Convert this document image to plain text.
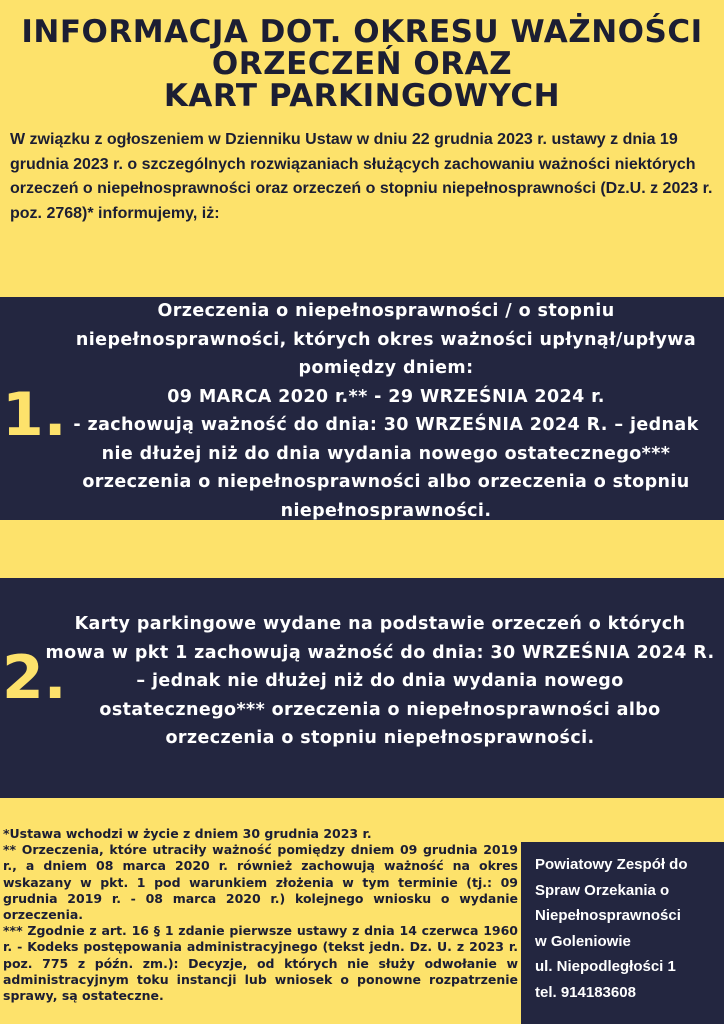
INFORMACJA DOT. OKRESU WAŻNOŚCI
ORZECZEŃ ORAZ
KART PARKINGOWYCH
W związku z ogłoszeniem w Dzienniku Ustaw w dniu 22 grudnia 2023 r. ustawy z dnia 19 grudnia 2023 r. o szczególnych rozwiązaniach służących zachowaniu ważności niektórych orzeczeń o niepełnosprawności oraz orzeczeń o stopniu niepełnosprawności (Dz.U. z 2023 r. poz. 2768)* informujemy, iż:
1.
Orzeczenia o niepełnosprawności / o stopniu
niepełnosprawności, których okres ważności upłynął/upływa
pomiędzy dniem:
09 MARCA 2020 r.** - 29 WRZEŚNIA 2024 r.
- zachowują ważność do dnia: 30 WRZEŚNIA 2024 R. – jednak
nie dłużej niż do dnia wydania nowego ostatecznego***
orzeczenia o niepełnosprawności albo orzeczenia o stopniu
niepełnosprawności.
2.
Karty parkingowe wydane na podstawie orzeczeń o których
mowa w pkt 1 zachowują ważność do dnia: 30 WRZEŚNIA 2024 R.
– jednak nie dłużej niż do dnia wydania nowego
ostatecznego*** orzeczenia o niepełnosprawności albo
orzeczenia o stopniu niepełnosprawności.

*Ustawa wchodzi w życie z dniem 30 grudnia 2023 r.

** Orzeczenia, które utraciły ważność pomiędzy dniem 09 grudnia 2019 r., a dniem 08 marca 2020 r. również zachowują ważność na okres wskazany w pkt. 1 pod warunkiem złożenia w tym terminie (tj.: 09 grudnia 2019 r. - 08 marca 2020 r.) kolejnego wniosku o wydanie orzeczenia.

*** Zgodnie z art. 16 § 1 zdanie pierwsze ustawy z dnia 14 czerwca 1960 r. - Kodeks postępowania administracyjnego (tekst jedn. Dz. U. z 2023 r. poz. 775 z późn. zm.): Decyzje, od których nie służy odwołanie w administracyjnym toku instancji lub wniosek o ponowne rozpatrzenie sprawy, są ostateczne.

Powiatowy Zespół do
Spraw Orzekania o
Niepełnosprawności
w Goleniowie
ul. Niepodległości 1
tel. 914183608
